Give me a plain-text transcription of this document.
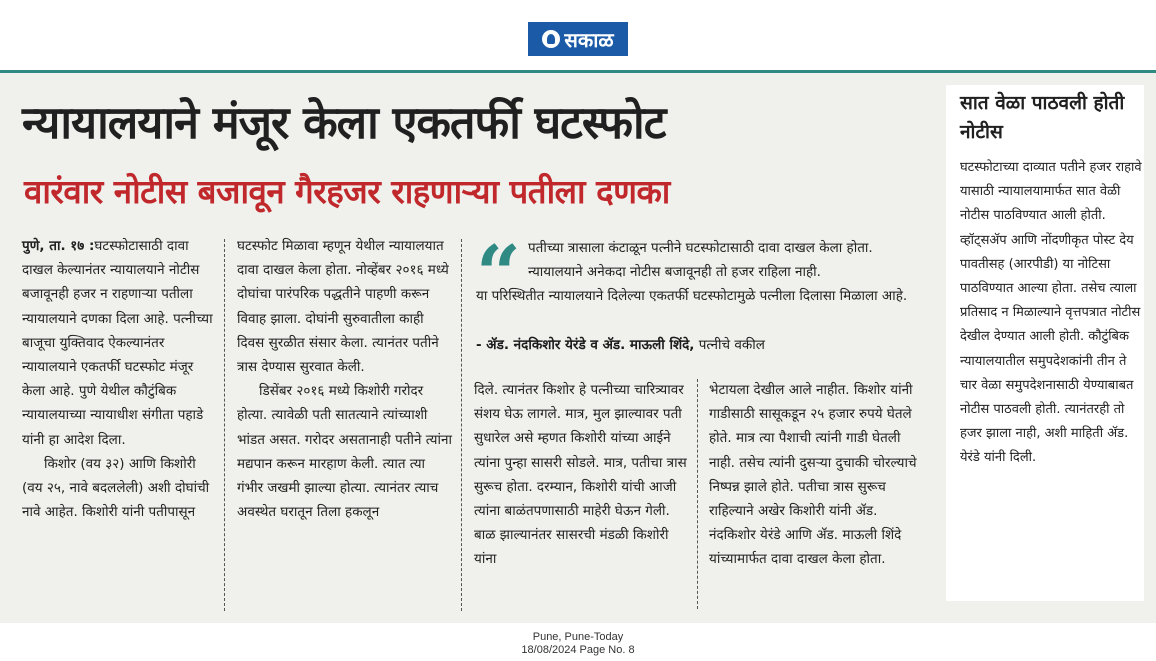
सकाळ
न्यायालयाने मंजूर केला एकतर्फी घटस्फोट
वारंवार नोटीस बजावून गैरहजर राहणाऱ्या पतीला दणका

पुणे, ता. १७ :घटस्फोटासाठी दावा दाखल केल्यानंतर न्यायालयाने नोटीस बजावूनही हजर न राहणाऱ्या पतीला न्यायालयाने दणका दिला आहे. पत्नीच्या बाजूचा युक्तिवाद ऐकल्यानंतर न्यायालयाने एकतर्फी घटस्फोट मंजूर केला आहे. पुणे येथील कौटुंबिक न्यायालयाच्या न्यायाधीश संगीता पहाडे यांनी हा आदेश दिला.

किशोर (वय ३२) आणि किशोरी (वय २५, नावे बदललेली) अशी दोघांची नावे आहेत. किशोरी यांनी पतीपासून

घटस्फोट मिळावा म्हणून येथील न्यायालयात दावा दाखल केला होता. नोव्हेंबर २०१६ मध्ये दोघांचा पारंपरिक पद्धतीने पाहणी करून विवाह झाला. दोघांनी सुरुवातीला काही दिवस सुरळीत संसार केला. त्यानंतर पतीने त्रास देण्यास सुरवात केली.

डिसेंबर २०१६ मध्ये किशोरी गरोदर होत्या. त्यावेळी पती सातत्याने त्यांच्याशी भांडत असत. गरोदर असतानाही पतीने त्यांना मद्यपान करून मारहाण केली. त्यात त्या गंभीर जखमी झाल्या होत्या. त्यानंतर त्याच अवस्थेत घरातून तिला हकलून

“ पतीच्या त्रासाला कंटाळून पत्नीने घटस्फोटासाठी दावा दाखल केला होता. न्यायालयाने अनेकदा नोटीस बजावूनही तो हजर राहिला नाही.
या परिस्थितीत न्यायालयाने दिलेल्या एकतर्फी घटस्फोटामुळे पत्नीला दिलासा मिळाला आहे.
- ॲड. नंदकिशोर येरंडे व ॲड. माऊली शिंदे, पत्नीचे वकील

दिले. त्यानंतर किशोर हे पत्नीच्या चारित्र्यावर संशय घेऊ लागले. मात्र, मुल झाल्यावर पती सुधारेल असे म्हणत किशोरी यांच्या आईने त्यांना पुन्हा सासरी सोडले. मात्र, पतीचा त्रास सुरूच होता. दरम्यान, किशोरी यांची आजी त्यांना बाळंतपणासाठी माहेरी घेऊन गेली. बाळ झाल्यानंतर सासरची मंडळी किशोरी यांना

भेटायला देखील आले नाहीत. किशोर यांनी गाडीसाठी सासूकडून २५ हजार रुपये घेतले होते. मात्र त्या पैशाची त्यांनी गाडी घेतली नाही. तसेच त्यांनी दुसऱ्या दुचाकी चोरल्याचे निष्पन्न झाले होते. पतीचा त्रास सुरूच राहिल्याने अखेर किशोरी यांनी ॲड. नंदकिशोर येरंडे आणि ॲड. माऊली शिंदे यांच्यामार्फत दावा दाखल केला होता.

सात वेळा पाठवली होती नोटीस
घटस्फोटाच्या दाव्यात पतीने हजर राहावे यासाठी न्यायालयामार्फत सात वेळी नोटीस पाठविण्यात आली होती. व्हॉट्सॲप आणि नोंदणीकृत पोस्ट देय पावतीसह (आरपीडी) या नोटिसा पाठविण्यात आल्या होता. तसेच त्याला प्रतिसाद न मिळाल्याने वृत्तपत्रात नोटीस देखील देण्यात आली होती. कौटुंबिक न्यायालयातील समुपदेशकांनी तीन ते चार वेळा समुपदेशनासाठी येण्याबाबत नोटीस पाठवली होती. त्यानंतरही तो हजर झाला नाही, अशी माहिती ॲड. येरंडे यांनी दिली.
Pune, Pune-Today
18/08/2024 Page No. 8
